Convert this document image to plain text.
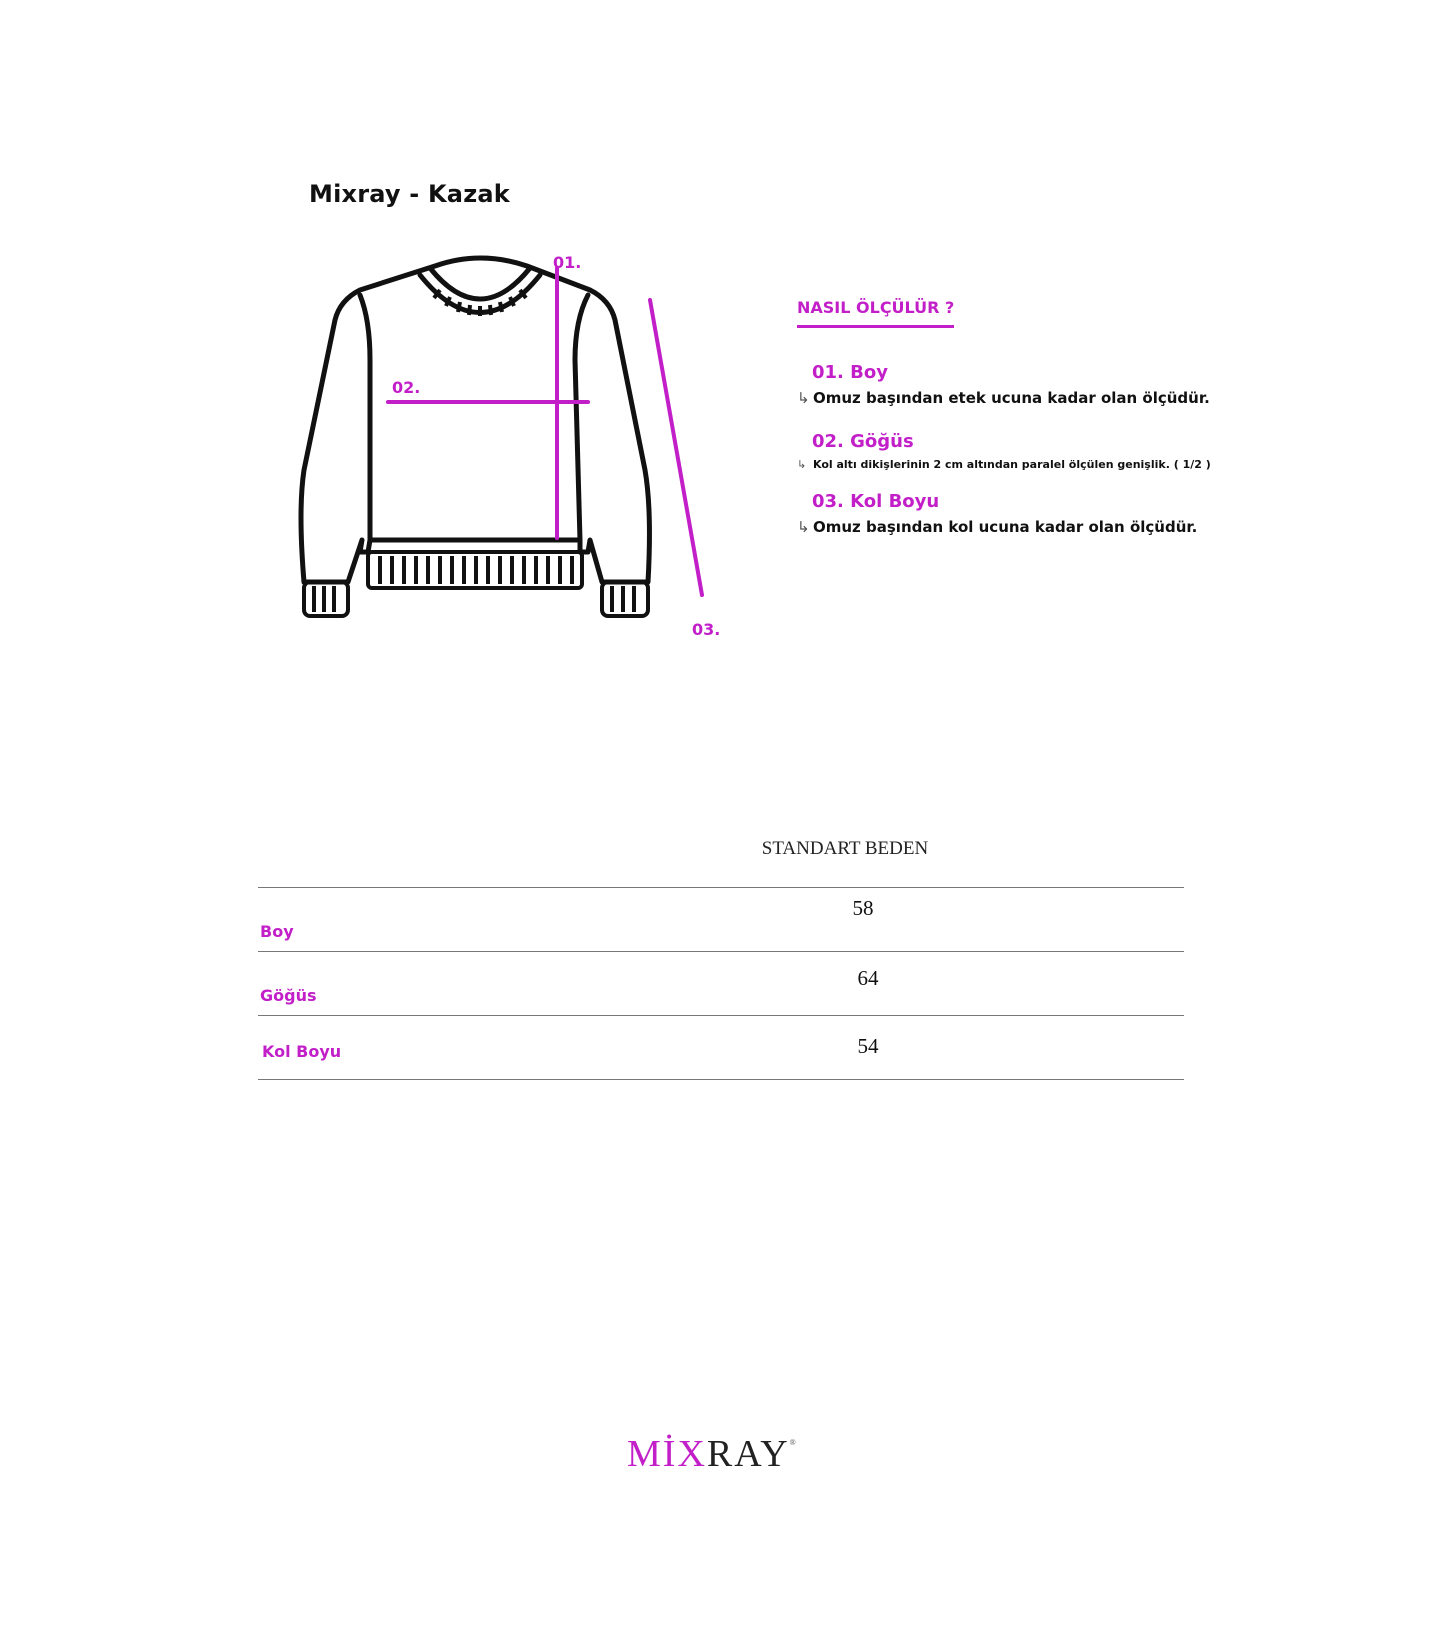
Mixray - Kazak
01.
02.
03.
NASIL ÖLÇÜLÜR ?
01. Boy
↳ Omuz başından etek ucuna kadar olan ölçüdür.
02. Göğüs
↳ Kol altı dikişlerinin 2 cm altından paralel ölçülen genişlik. ( 1/2 )
03. Kol Boyu
↳ Omuz başından kol ucuna kadar olan ölçüdür.
STANDART BEDEN
Boy
58
Göğüs
64
Kol Boyu	54
MİXRAY®
